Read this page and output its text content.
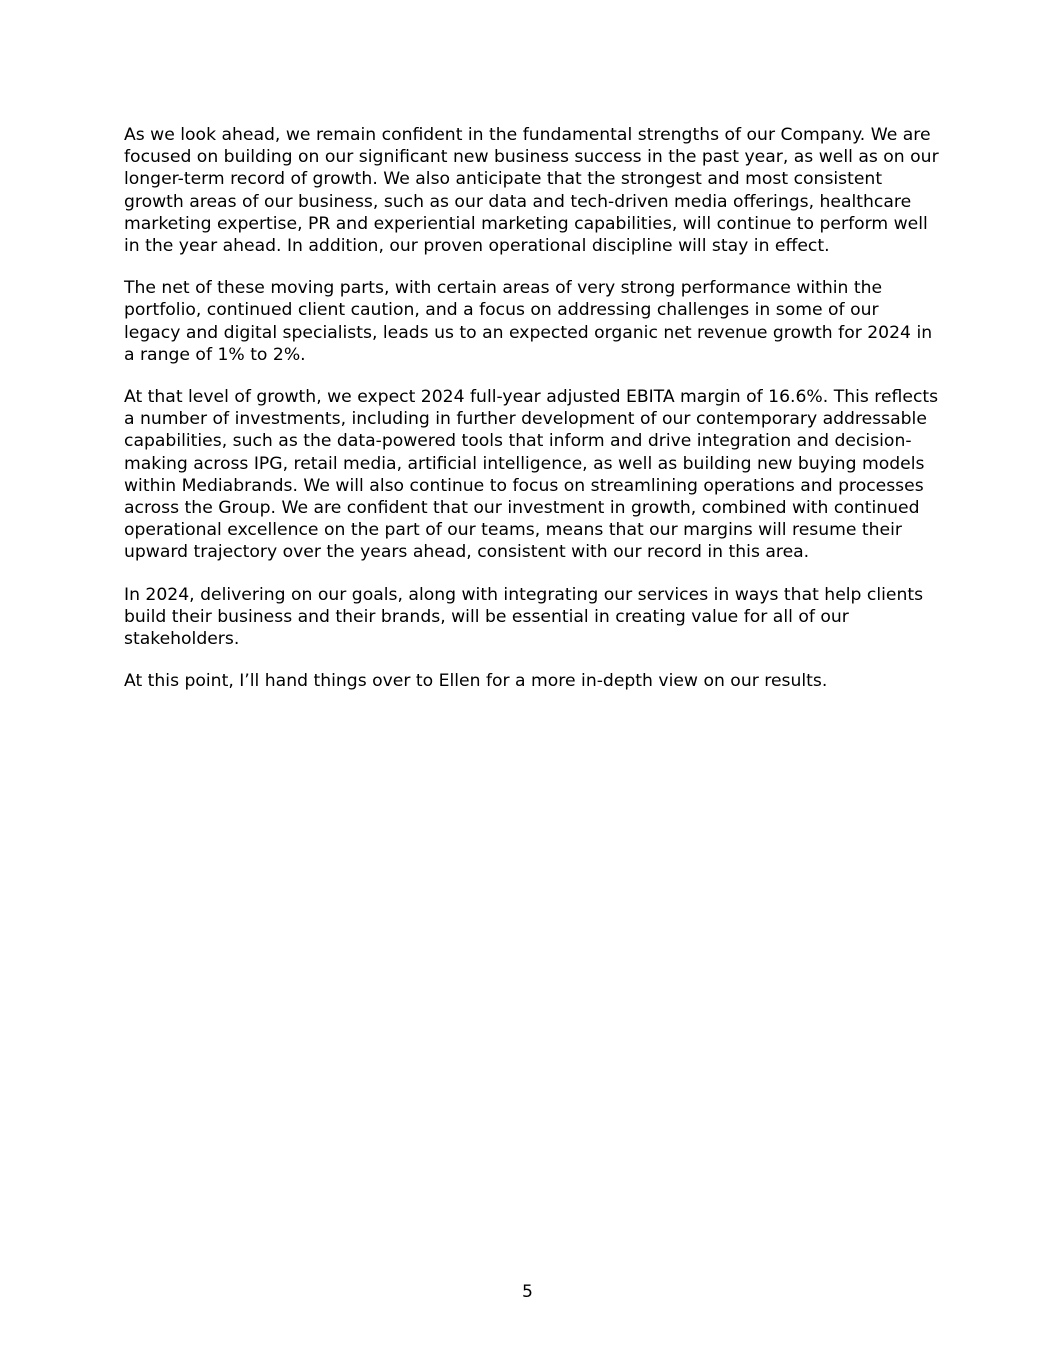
As we look ahead, we remain confident in the fundamental strengths of our Company. We are focused on building on our significant new business success in the past year, as well as on our longer-term record of growth. We also anticipate that the strongest and most consistent growth areas of our business, such as our data and tech-driven media offerings, healthcare marketing expertise, PR and experiential marketing capabilities, will continue to perform well in the year ahead. In addition, our proven operational discipline will stay in effect.

The net of these moving parts, with certain areas of very strong performance within the portfolio, continued client caution, and a focus on addressing challenges in some of our legacy and digital specialists, leads us to an expected organic net revenue growth for 2024 in a range of 1% to 2%.

At that level of growth, we expect 2024 full-year adjusted EBITA margin of 16.6%. This reflects a number of investments, including in further development of our contemporary addressable capabilities, such as the data-powered tools that inform and drive integration and decision-making across IPG, retail media, artificial intelligence, as well as building new buying models within Mediabrands. We will also continue to focus on streamlining operations and processes across the Group. We are confident that our investment in growth, combined with continued operational excellence on the part of our teams, means that our margins will resume their upward trajectory over the years ahead, consistent with our record in this area.

In 2024, delivering on our goals, along with integrating our services in ways that help clients build their business and their brands, will be essential in creating value for all of our stakeholders.

At this point, I’ll hand things over to Ellen for a more in-depth view on our results.

5
